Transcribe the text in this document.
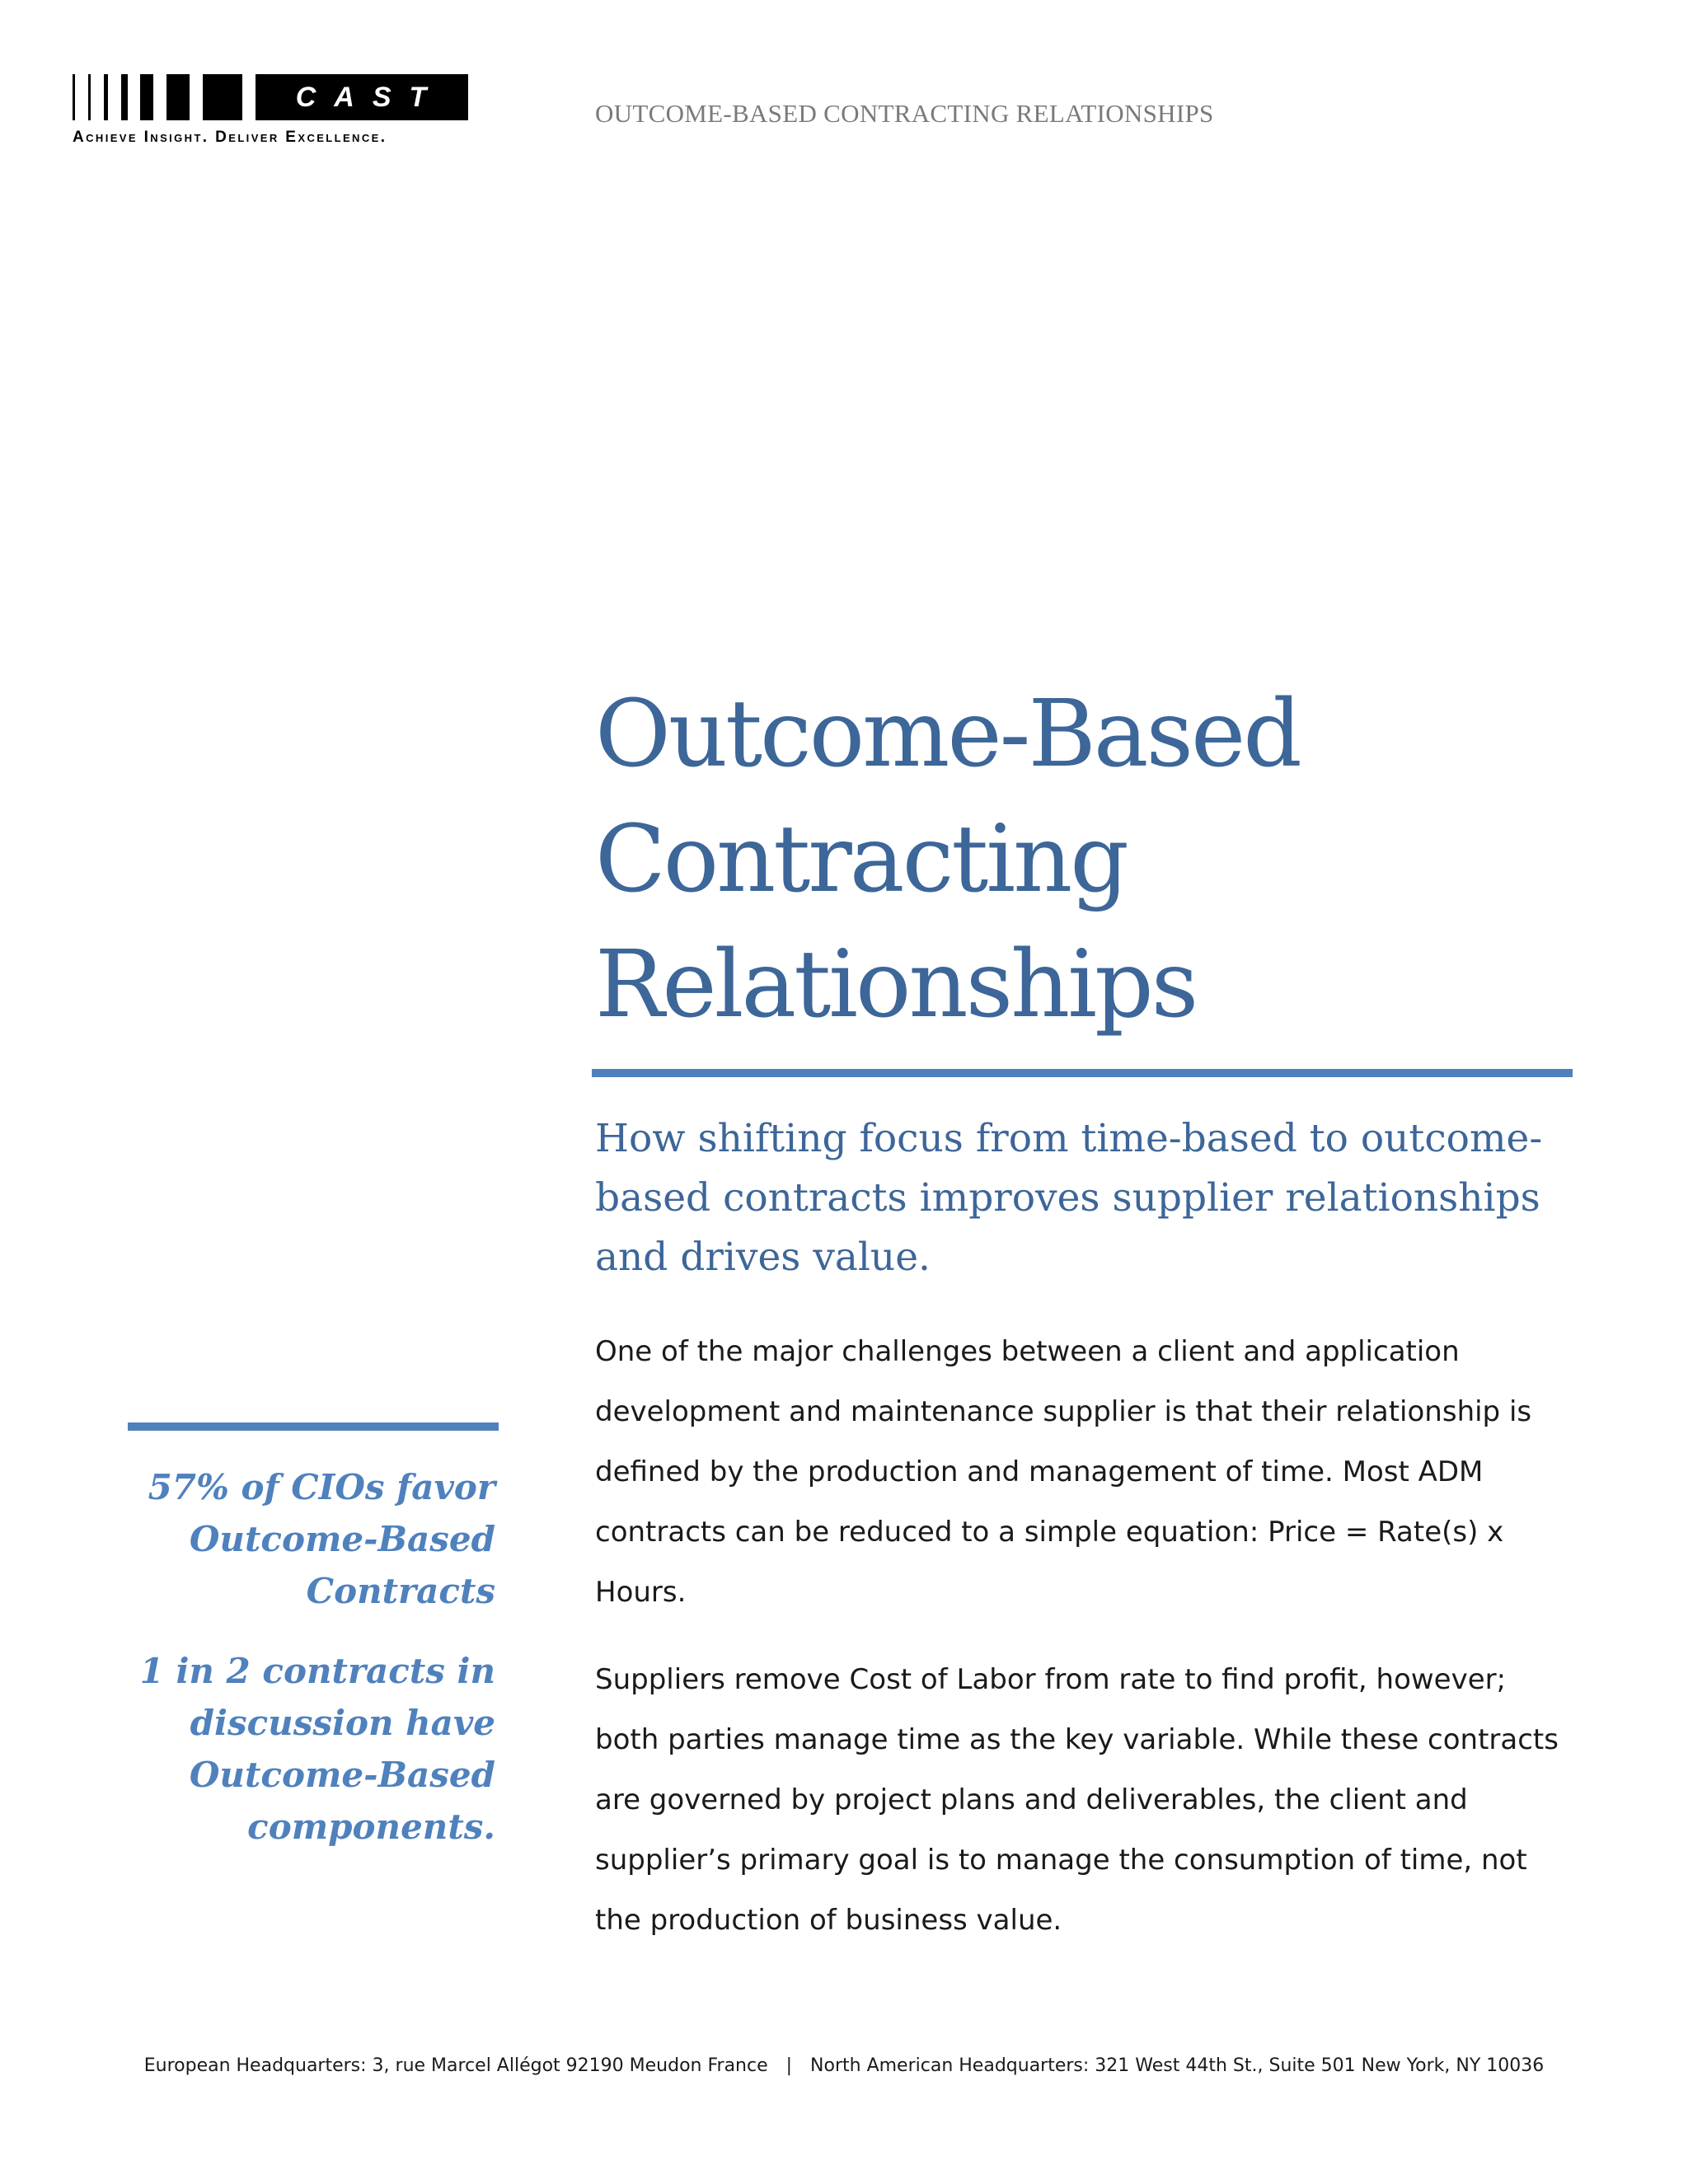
CAST
Achieve Insight. Deliver Excellence.
OUTCOME-BASED CONTRACTING RELATIONSHIPS
Outcome-Based
Contracting
Relationships
How shifting focus from time-based to outcome-based contracts improves supplier relationships and drives value.

57% of CIOs favor Outcome-Based Contracts

1 in 2 contracts in discussion have Outcome-Based components.

One of the major challenges between a client and application development and maintenance supplier is that their relationship is defined by the production and management of time. Most ADM contracts can be reduced to a simple equation: Price = Rate(s) x Hours.

Suppliers remove Cost of Labor from rate to find profit, however; both parties manage time as the key variable. While these contracts are governed by project plans and deliverables, the client and supplier’s primary goal is to manage the consumption of time, not the production of business value.

European Headquarters: 3, rue Marcel Allégot 92190 Meudon France | North American Headquarters: 321 West 44th St., Suite 501 New York, NY 10036
